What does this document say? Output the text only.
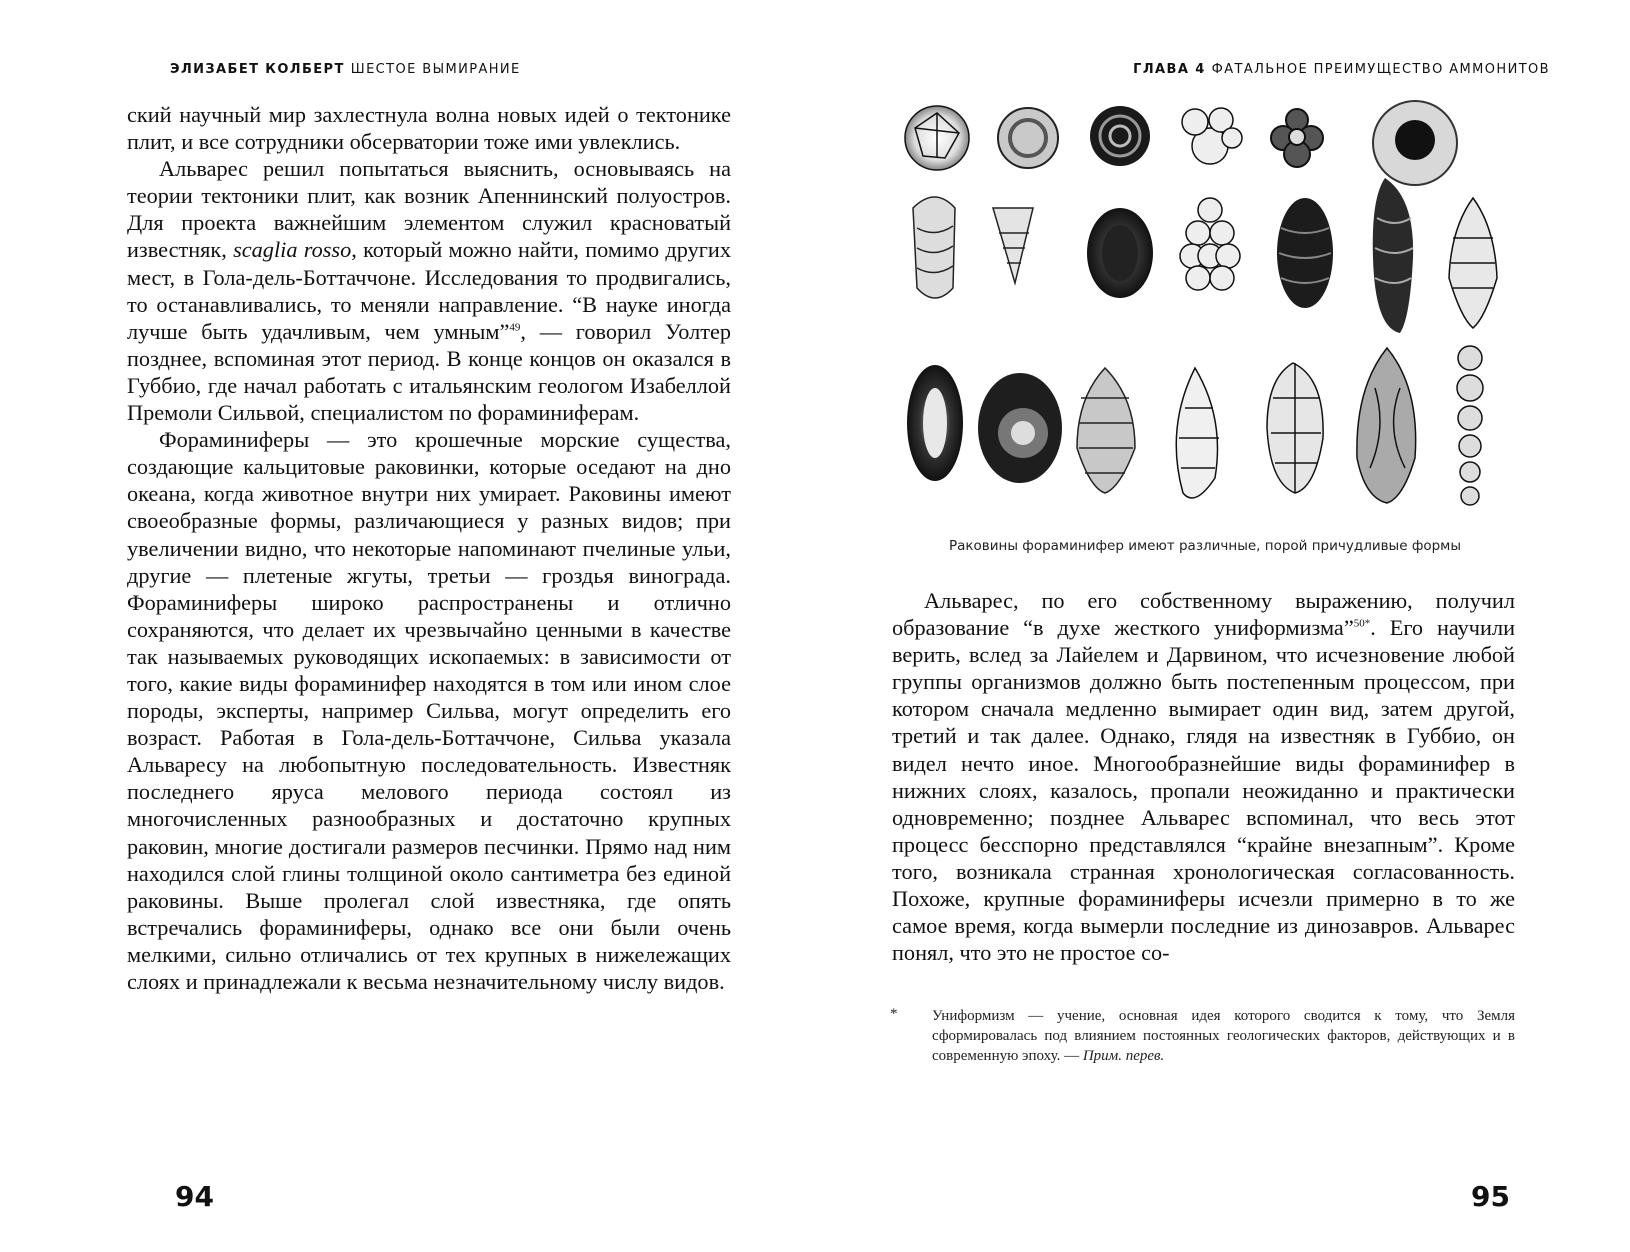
ЭЛИЗАБЕТ КОЛБЕРТ ШЕСТОЕ ВЫМИРАНИЕ

ский научный мир захлестнула волна новых идей о тектонике плит, и все сотрудники обсерватории тоже ими увлеклись.

Альварес решил попытаться выяснить, основываясь на теории тектоники плит, как возник Апеннинский полуостров. Для проекта важнейшим элементом служил красноватый известняк, scaglia rosso, который можно найти, помимо других мест, в Гола-дель-Боттаччоне. Исследования то продвигались, то останавливались, то меняли направление. “В науке иногда лучше быть удачливым, чем умным”$^{49}$, — говорил Уолтер позднее, вспоминая этот период. В конце концов он оказался в Губбио, где начал работать с итальянским геологом Изабеллой Премоли Сильвой, специалистом по фораминиферам.

Фораминиферы — это крошечные морские существа, создающие кальцитовые раковинки, которые оседают на дно океана, когда животное внутри них умирает. Раковины имеют своеобразные формы, различающиеся у разных видов; при увеличении видно, что некоторые напоминают пчелиные ульи, другие — плетеные жгуты, третьи — гроздья винограда. Фораминиферы широко распространены и отлично сохраняются, что делает их чрезвычайно ценными в качестве так называемых руководящих ископаемых: в зависимости от того, какие виды фораминифер находятся в том или ином слое породы, эксперты, например Сильва, могут определить его возраст. Работая в Гола-дель-Боттаччоне, Сильва указала Альваресу на любопытную последовательность. Известняк последнего яруса мелового периода состоял из многочисленных разнообразных и достаточно крупных раковин, многие достигали размеров песчинки. Прямо над ним находился слой глины толщиной около сантиметра без единой раковины. Выше пролегал слой известняка, где опять встречались фораминиферы, однако все они были очень мелкими, сильно отличались от тех крупных в нижележащих слоях и принадлежали к весьма незначительному числу видов.

94
ГЛАВА 4 ФАТАЛЬНОЕ ПРЕИМУЩЕСТВО АММОНИТОВ
Раковины фораминифер имеют различные, порой причудливые формы

Альварес, по его собственному выражению, получил образование “в духе жесткого униформизма”$^{50*}$. Его научили верить, вслед за Лайелем и Дарвином, что исчезновение любой группы организмов должно быть постепенным процессом, при котором сначала медленно вымирает один вид, затем другой, третий и так далее. Однако, глядя на известняк в Губбио, он видел нечто иное. Многообразнейшие виды фораминифер в нижних слоях, казалось, пропали неожиданно и практически одновременно; позднее Альварес вспоминал, что весь этот процесс бесспорно представлялся “крайне внезапным”. Кроме того, возникала странная хронологическая согласованность. Похоже, крупные фораминиферы исчезли примерно в то же самое время, когда вымерли последние из динозавров. Альварес понял, что это не простое со-

* Униформизм — учение, основная идея которого сводится к тому, что Земля сформировалась под влиянием постоянных геологических факторов, действующих и в современную эпоху. — Прим. перев.

95
